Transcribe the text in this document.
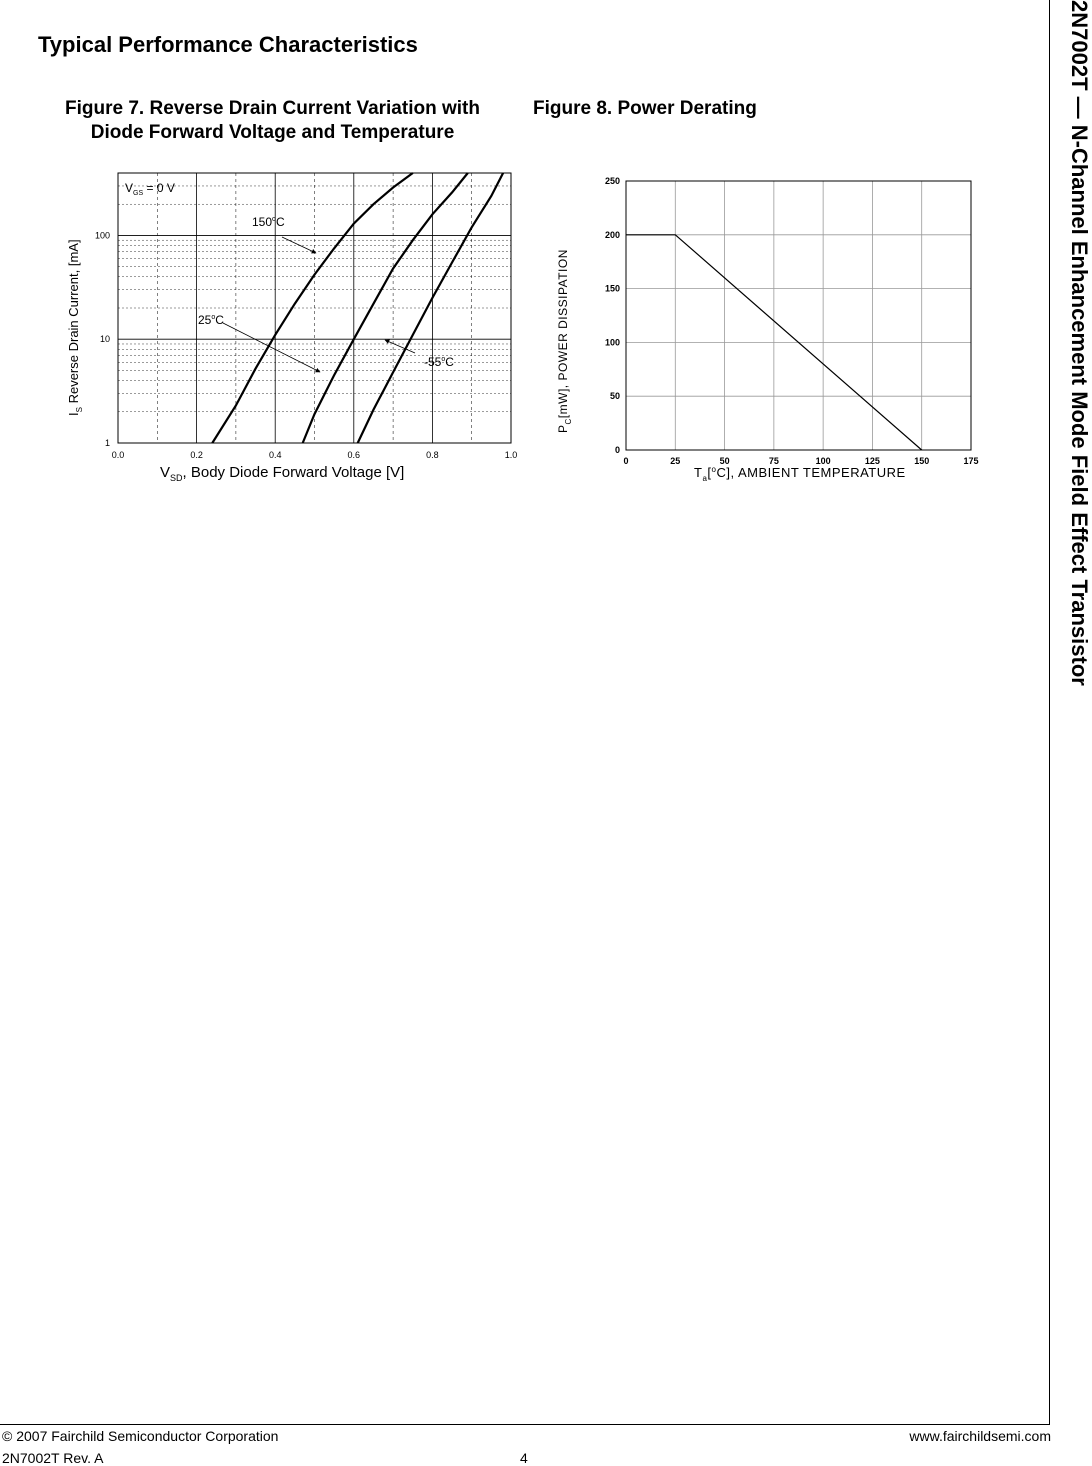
Typical Performance Characteristics
Figure 7. Reverse Drain Current Variation with
Diode Forward Voltage and Temperature
Figure 8. Power Derating
0.0	0.2	0.4	0.6	0.8	1.0
1
10
100
$V_{GS} = 0$ V
150$^o$C
25$^o$C
-55$^o$C
$V_{SD}$, Body Diode Forward Voltage [V]
$I_S$ Reverse Drain Current, [mA]
0	25	50	75	100	125	150	175
0
50
100
150
200
250
$T_a[^oC]$, AMBIENT TEMPERATURE
$P_C[mW]$, POWER DISSIPATION	2N7002T — N-Channel Enhancement Mode Field Effect Transistor
© 2007 Fairchild Semiconductor Corporation	www.fairchildsemi.com
2N7002T Rev. A	4
